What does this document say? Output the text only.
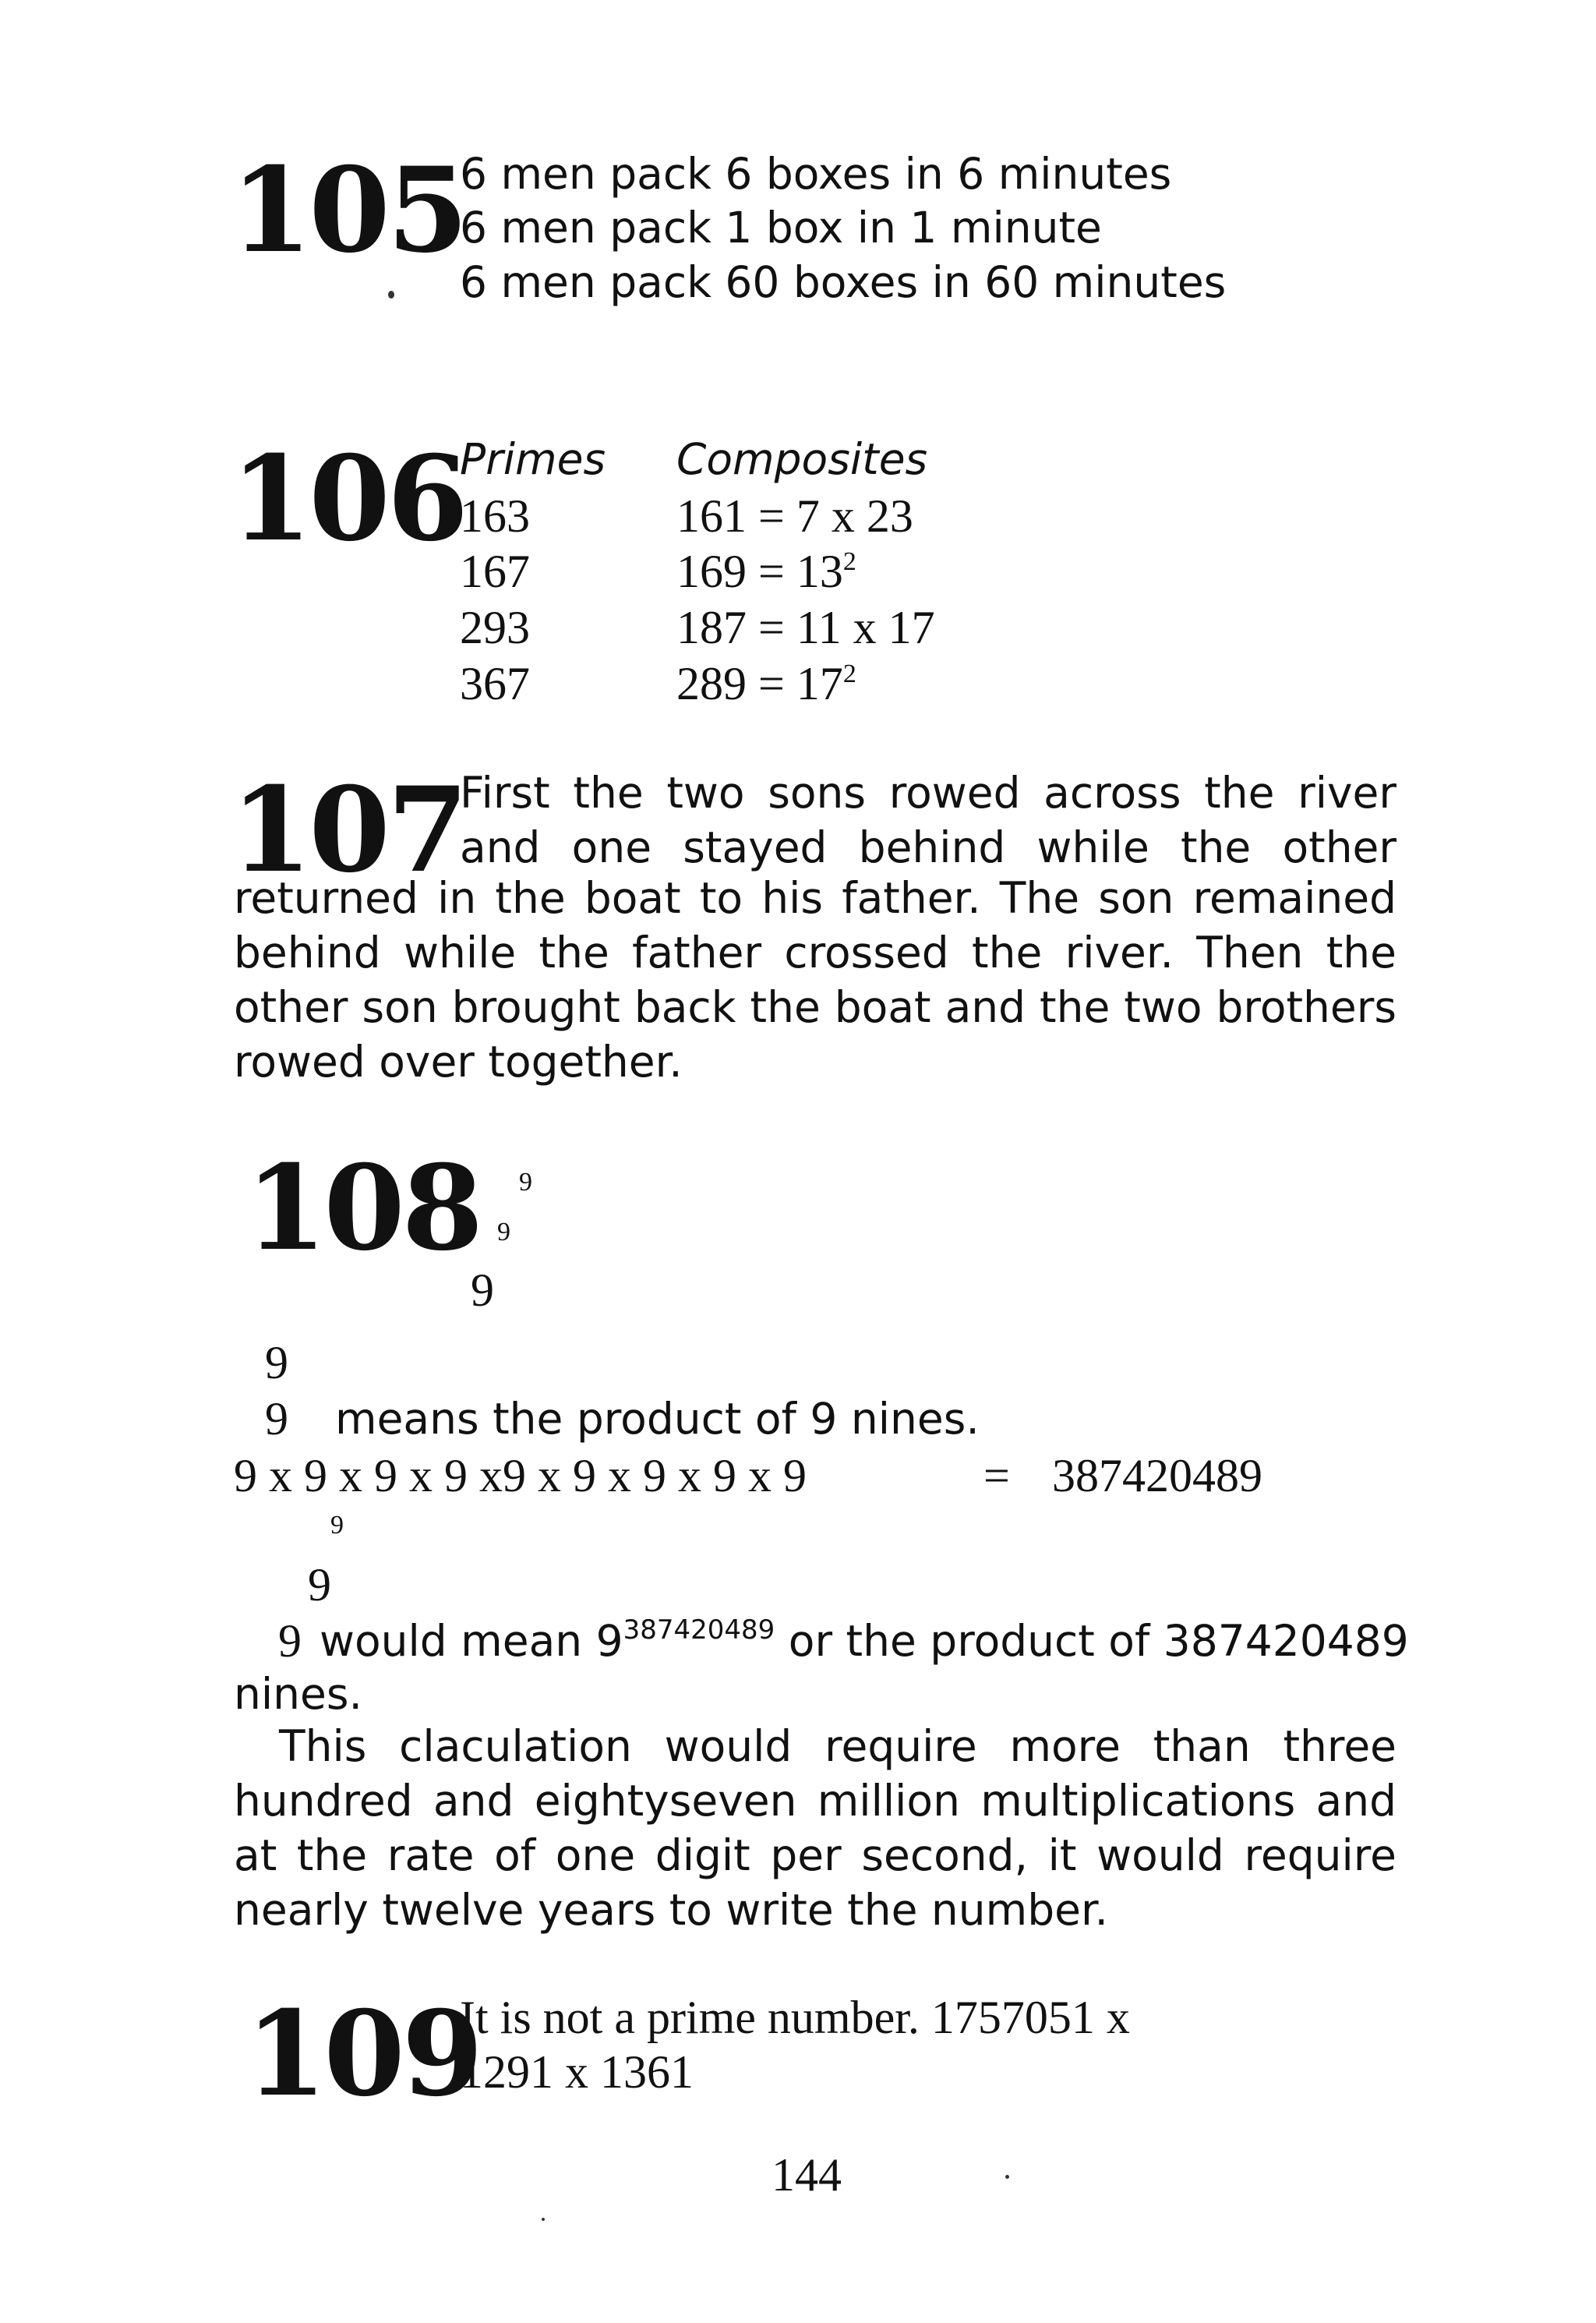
105
6 men pack 6 boxes in 6 minutes
6 men pack 1 box in 1 minute
6 men pack 60 boxes in 60 minutes
106
Primes Composites
163
167
293
367
161 = 7 x 23
$169 = 13^2$
187 = 11 x 17
$289 = 17^2$
107
First the two sons rowed across the river
and one stayed behind while the other

returned in the boat to his father. The son remained behind while the father crossed the river. Then the other son brought back the boat and the two brothers rowed over together.

108 9
9
9
9
9 means the product of 9 nines.
9 x 9 x 9 x 9 x9 x 9 x 9 x 9 x 9	= 387420489
9
9
9 would mean $9^{387420489}$ or the product of 387420489
nines.

This claculation would require more than three hundred and eightyseven million multiplications and at the rate of one digit per second, it would require nearly twelve years to write the number.

109
It is not a prime number. 1757051 x
1291 x 1361
144
